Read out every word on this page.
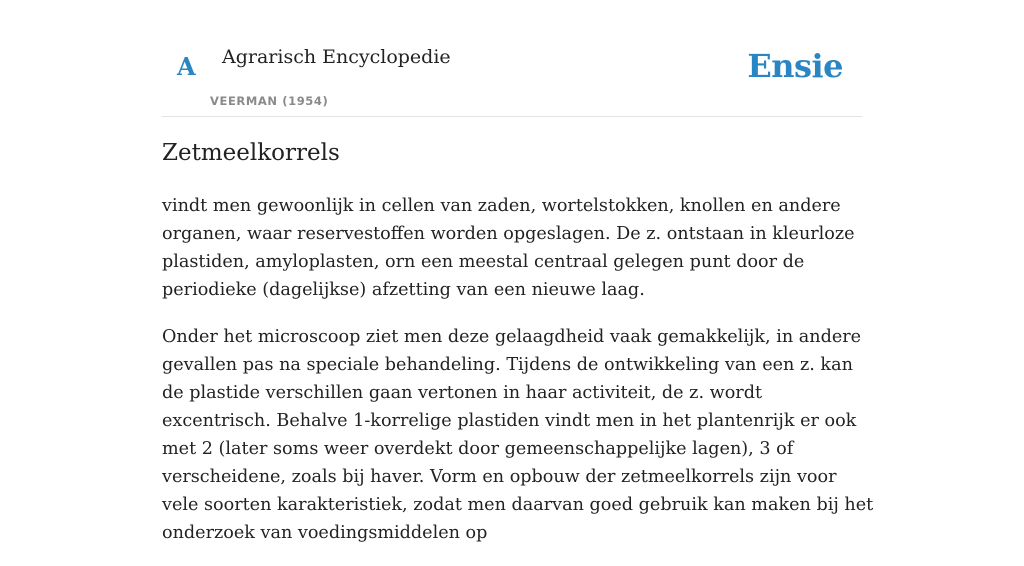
A Agrarisch Encyclopedie
VEERMAN (1954)
Ensie
Zetmeelkorrels

vindt men gewoonlijk in cellen van zaden, wortelstokken, knollen en andere organen, waar reservestoffen worden opgeslagen. De z. ontstaan in kleurloze plastiden, amyloplasten, orn een meestal centraal gelegen punt door de periodieke (dagelijkse) afzetting van een nieuwe laag.

Onder het microscoop ziet men deze gelaagdheid vaak gemakkelijk, in andere gevallen pas na speciale behandeling. Tijdens de ontwikkeling van een z. kan de plastide verschillen gaan vertonen in haar activiteit, de z. wordt excentrisch. Behalve 1-korrelige plastiden vindt men in het plantenrijk er ook met 2 (later soms weer overdekt door gemeenschappelijke lagen), 3 of verscheidene, zoals bij haver. Vorm en opbouw der zetmeelkorrels zijn voor vele soorten karakteristiek, zodat men daarvan goed gebruik kan maken bij het onderzoek van voedingsmiddelen op
